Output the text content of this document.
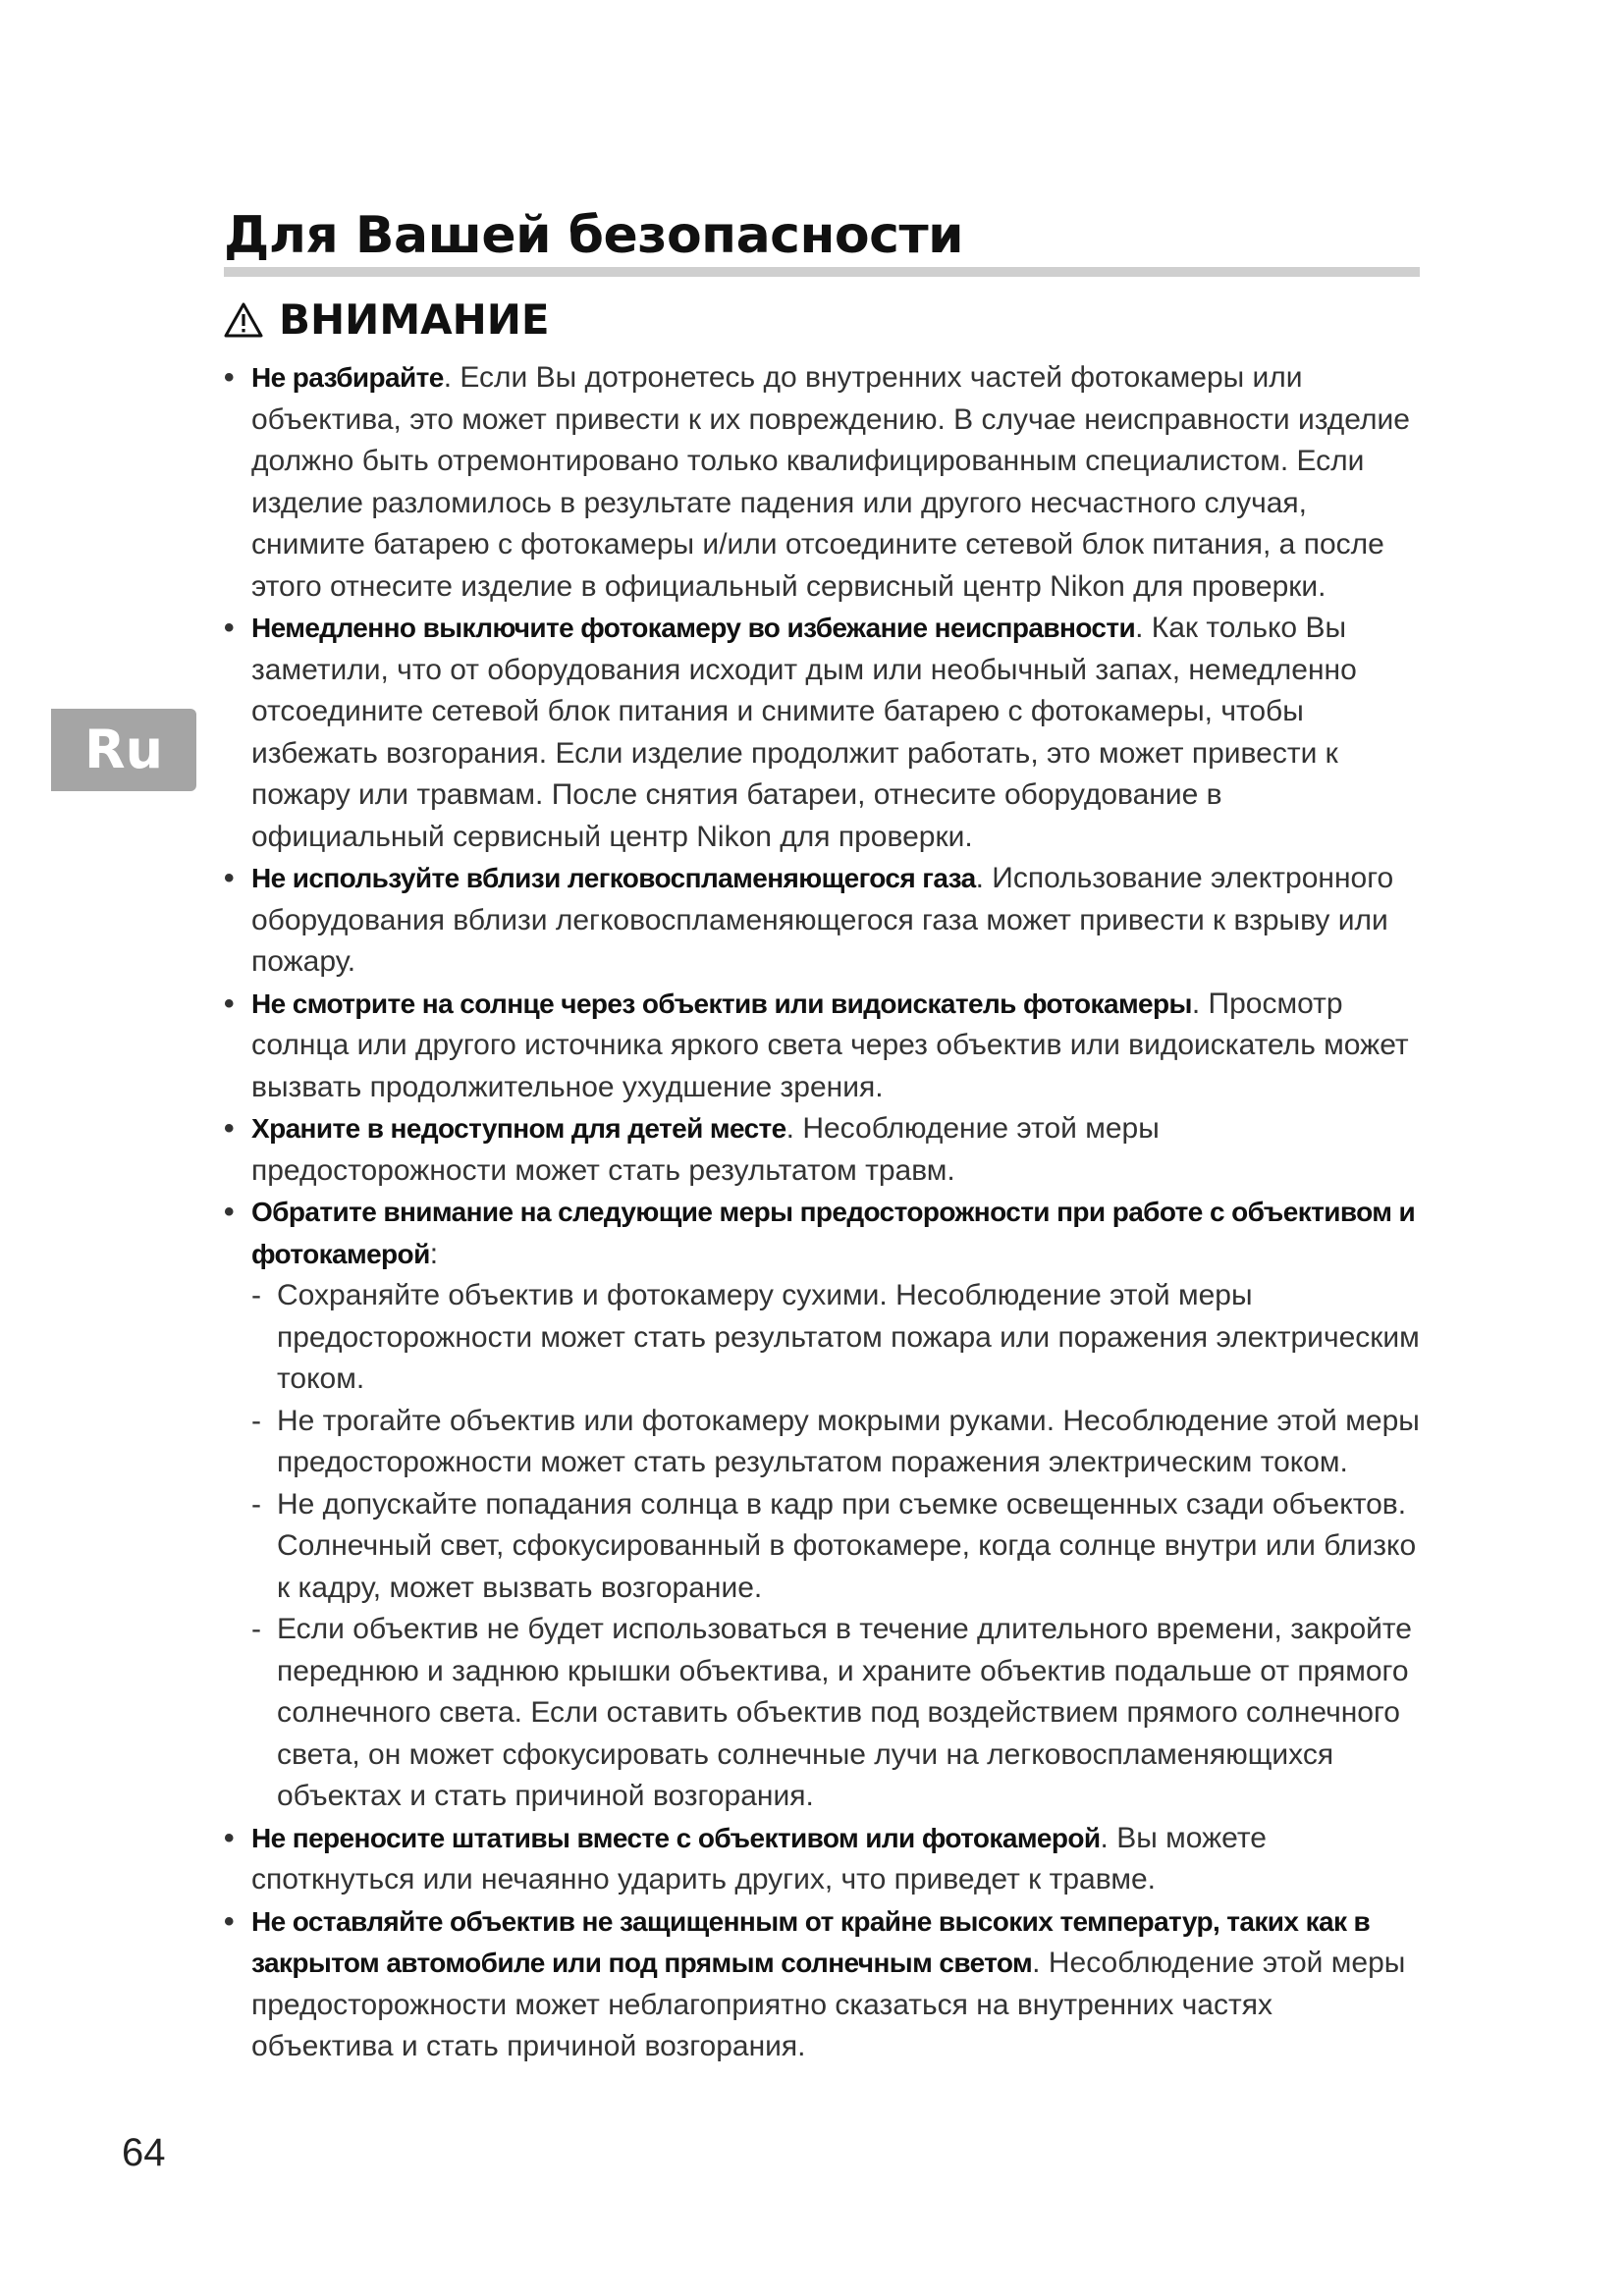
Для Вашей безопасности
ВНИМАНИЕ
Ru
• Не разбирайте. Если Вы дотронетесь до внутренних частей фотокамеры или объектива, это может привести к их повреждению. В случае неисправности изделие должно быть отремонтировано только квалифицированным специалистом. Если изделие разломилось в результате падения или другого несчастного случая, снимите батарею с фотокамеры и/или отсоедините сетевой блок питания, а после этого отнесите изделие в официальный сервисный центр Nikon для проверки.
• Немедленно выключите фотокамеру во избежание неисправности. Как только Вы заметили, что от оборудования исходит дым или необычный запах, немедленно отсоедините сетевой блок питания и снимите батарею с фотокамеры, чтобы избежать возгорания. Если изделие продолжит работать, это может привести к пожару или травмам. После снятия батареи, отнесите оборудование в официальный сервисный центр Nikon для проверки.
• Не используйте вблизи легковоспламеняющегося газа. Использование электронного оборудования вблизи легковоспламеняющегося газа может привести к взрыву или пожару.
• Не смотрите на солнце через объектив или видоискатель фотокамеры. Просмотр солнца или другого источника яркого света через объектив или видоискатель может вызвать продолжительное ухудшение зрения.
• Храните в недоступном для детей месте. Несоблюдение этой меры предосторожности может стать результатом травм.
• Обратите внимание на следующие меры предосторожности при работе с объективом и фотокамерой:
- Сохраняйте объектив и фотокамеру сухими. Несоблюдение этой меры предосторожности может стать результатом пожара или поражения электрическим током.
- Не трогайте объектив или фотокамеру мокрыми руками. Несоблюдение этой меры предосторожности может стать результатом поражения электрическим током.
- Не допускайте попадания солнца в кадр при съемке освещенных сзади объектов. Солнечный свет, сфокусированный в фотокамере, когда солнце внутри или близко к кадру, может вызвать возгорание.
- Если объектив не будет использоваться в течение длительного времени, закройте переднюю и заднюю крышки объектива, и храните объектив подальше от прямого солнечного света. Если оставить объектив под воздействием прямого солнечного света, он может сфокусировать солнечные лучи на легковоспламеняющихся объектах и стать причиной возгорания.
• Не переносите штативы вместе с объективом или фотокамерой. Вы можете споткнуться или нечаянно ударить других, что приведет к травме.
• Не оставляйте объектив не защищенным от крайне высоких температур, таких как в закрытом автомобиле или под прямым солнечным светом. Несоблюдение этой меры предосторожности может неблагоприятно сказаться на внутренних частях объектива и стать причиной возгорания.
64
